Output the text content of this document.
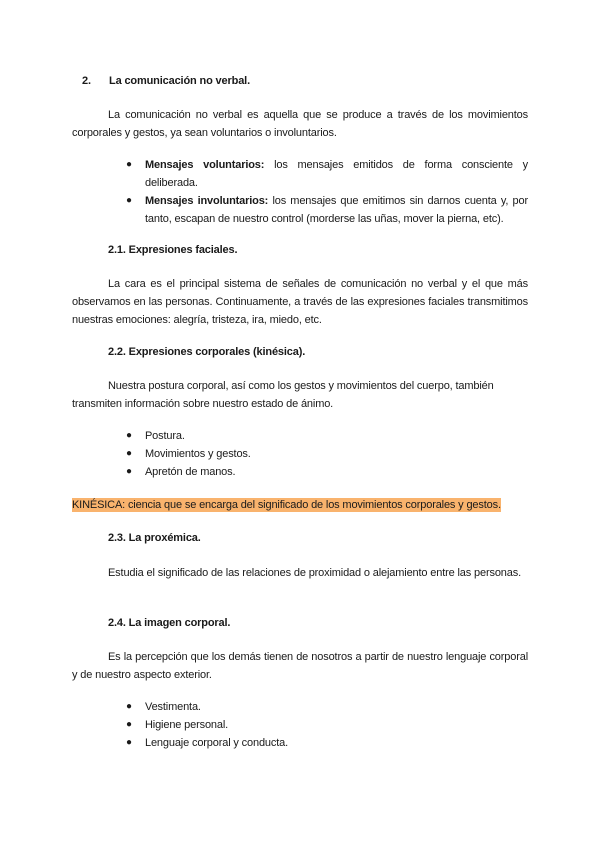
2. La comunicación no verbal.

La comunicación no verbal es aquella que se produce a través de los movimientos corporales y gestos, ya sean voluntarios o involuntarios.

● Mensajes voluntarios: los mensajes emitidos de forma consciente y deliberada.
● Mensajes involuntarios: los mensajes que emitimos sin darnos cuenta y, por tanto, escapan de nuestro control (morderse las uñas, mover la pierna, etc).
2.1. Expresiones faciales.

La cara es el principal sistema de señales de comunicación no verbal y el que más observamos en las personas. Continuamente, a través de las expresiones faciales transmitimos nuestras emociones: alegría, tristeza, ira, miedo, etc.

2.2. Expresiones corporales (kinésica).

Nuestra postura corporal, así como los gestos y movimientos del cuerpo, también transmiten información sobre nuestro estado de ánimo.

● Postura.
● Movimientos y gestos.
● Apretón de manos.

KINÉSICA: ciencia que se encarga del significado de los movimientos corporales y gestos.

2.3. La proxémica.

Estudia el significado de las relaciones de proximidad o alejamiento entre las personas.

2.4. La imagen corporal.

Es la percepción que los demás tienen de nosotros a partir de nuestro lenguaje corporal y de nuestro aspecto exterior.

● Vestimenta.
● Higiene personal.
● Lenguaje corporal y conducta.
